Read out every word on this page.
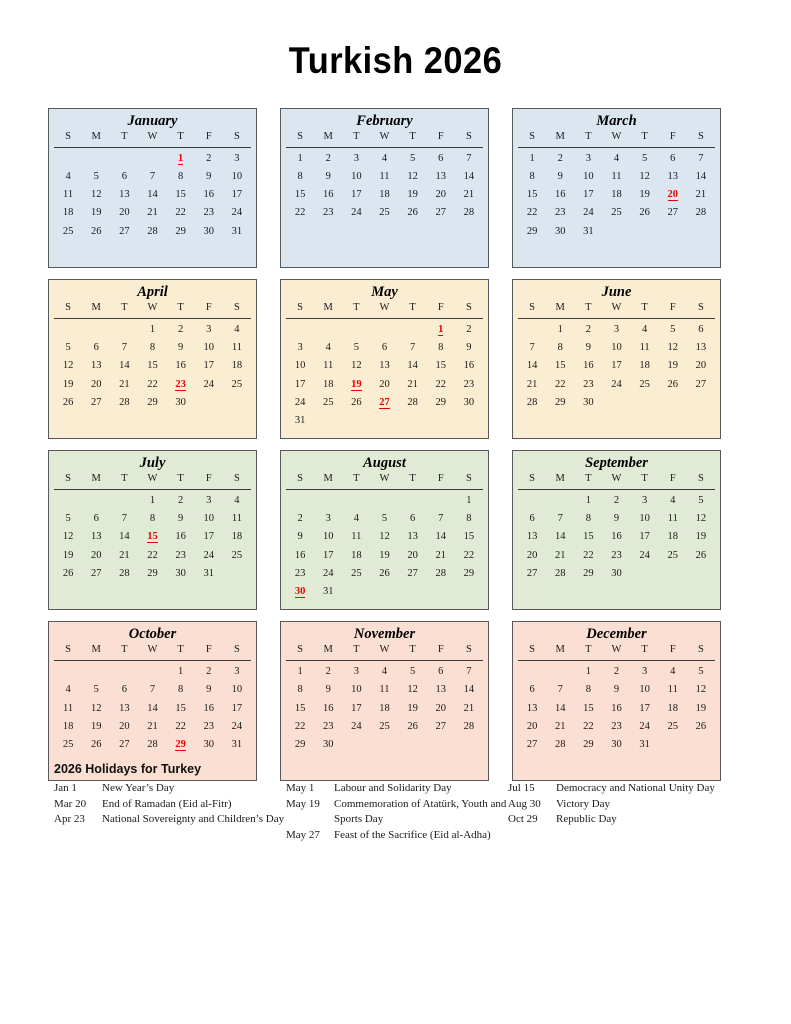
Turkish 2026
January
S	M	T	W	T	F	S
				1	2	3
4	5	6	7	8	9	10
11	12	13	14	15	16	17
18	19	20	21	22	23	24
25	26	27	28	29	30	31

February
S	M	T	W	T	F	S
1	2	3	4	5	6	7
8	9	10	11	12	13	14
15	16	17	18	19	20	21
22	23	24	25	26	27	28

March
S	M	T	W	T	F	S
1	2	3	4	5	6	7
8	9	10	11	12	13	14
15	16	17	18	19	20	21
22	23	24	25	26	27	28
29	30	31				

April
S	M	T	W	T	F	S
			1	2	3	4
5	6	7	8	9	10	11
12	13	14	15	16	17	18
19	20	21	22	23	24	25
26	27	28	29	30		

May
S	M	T	W	T	F	S
					1	2
3	4	5	6	7	8	9
10	11	12	13	14	15	16
17	18	19	20	21	22	23
24	25	26	27	28	29	30
31						
June
S	M	T	W	T	F	S
	1	2	3	4	5	6
7	8	9	10	11	12	13
14	15	16	17	18	19	20
21	22	23	24	25	26	27
28	29	30				

July
S	M	T	W	T	F	S
			1	2	3	4
5	6	7	8	9	10	11
12	13	14	15	16	17	18
19	20	21	22	23	24	25
26	27	28	29	30	31	

August
S	M	T	W	T	F	S
						1
2	3	4	5	6	7	8
9	10	11	12	13	14	15
16	17	18	19	20	21	22
23	24	25	26	27	28	29
30	31					
September
S	M	T	W	T	F	S
		1	2	3	4	5
6	7	8	9	10	11	12
13	14	15	16	17	18	19
20	21	22	23	24	25	26
27	28	29	30			

October
S	M	T	W	T	F	S
				1	2	3
4	5	6	7	8	9	10
11	12	13	14	15	16	17
18	19	20	21	22	23	24
25	26	27	28	29	30	31

November
S	M	T	W	T	F	S
1	2	3	4	5	6	7
8	9	10	11	12	13	14
15	16	17	18	19	20	21
22	23	24	25	26	27	28
29	30					

December
S	M	T	W	T	F	S
		1	2	3	4	5
6	7	8	9	10	11	12
13	14	15	16	17	18	19
20	21	22	23	24	25	26
27	28	29	30	31		

2026 Holidays for Turkey
Jan 1	New Year’s Day
Mar 20	End of Ramadan (Eid al-Fitr)
Apr 23	National Sovereignty and Children’s Day
May 1	Labour and Solidarity Day
May 19	Commemoration of Atatürk, Youth and Sports Day
May 27	Feast of the Sacrifice (Eid al-Adha)
Jul 15	Democracy and National Unity Day
Aug 30	Victory Day
Oct 29	Republic Day
